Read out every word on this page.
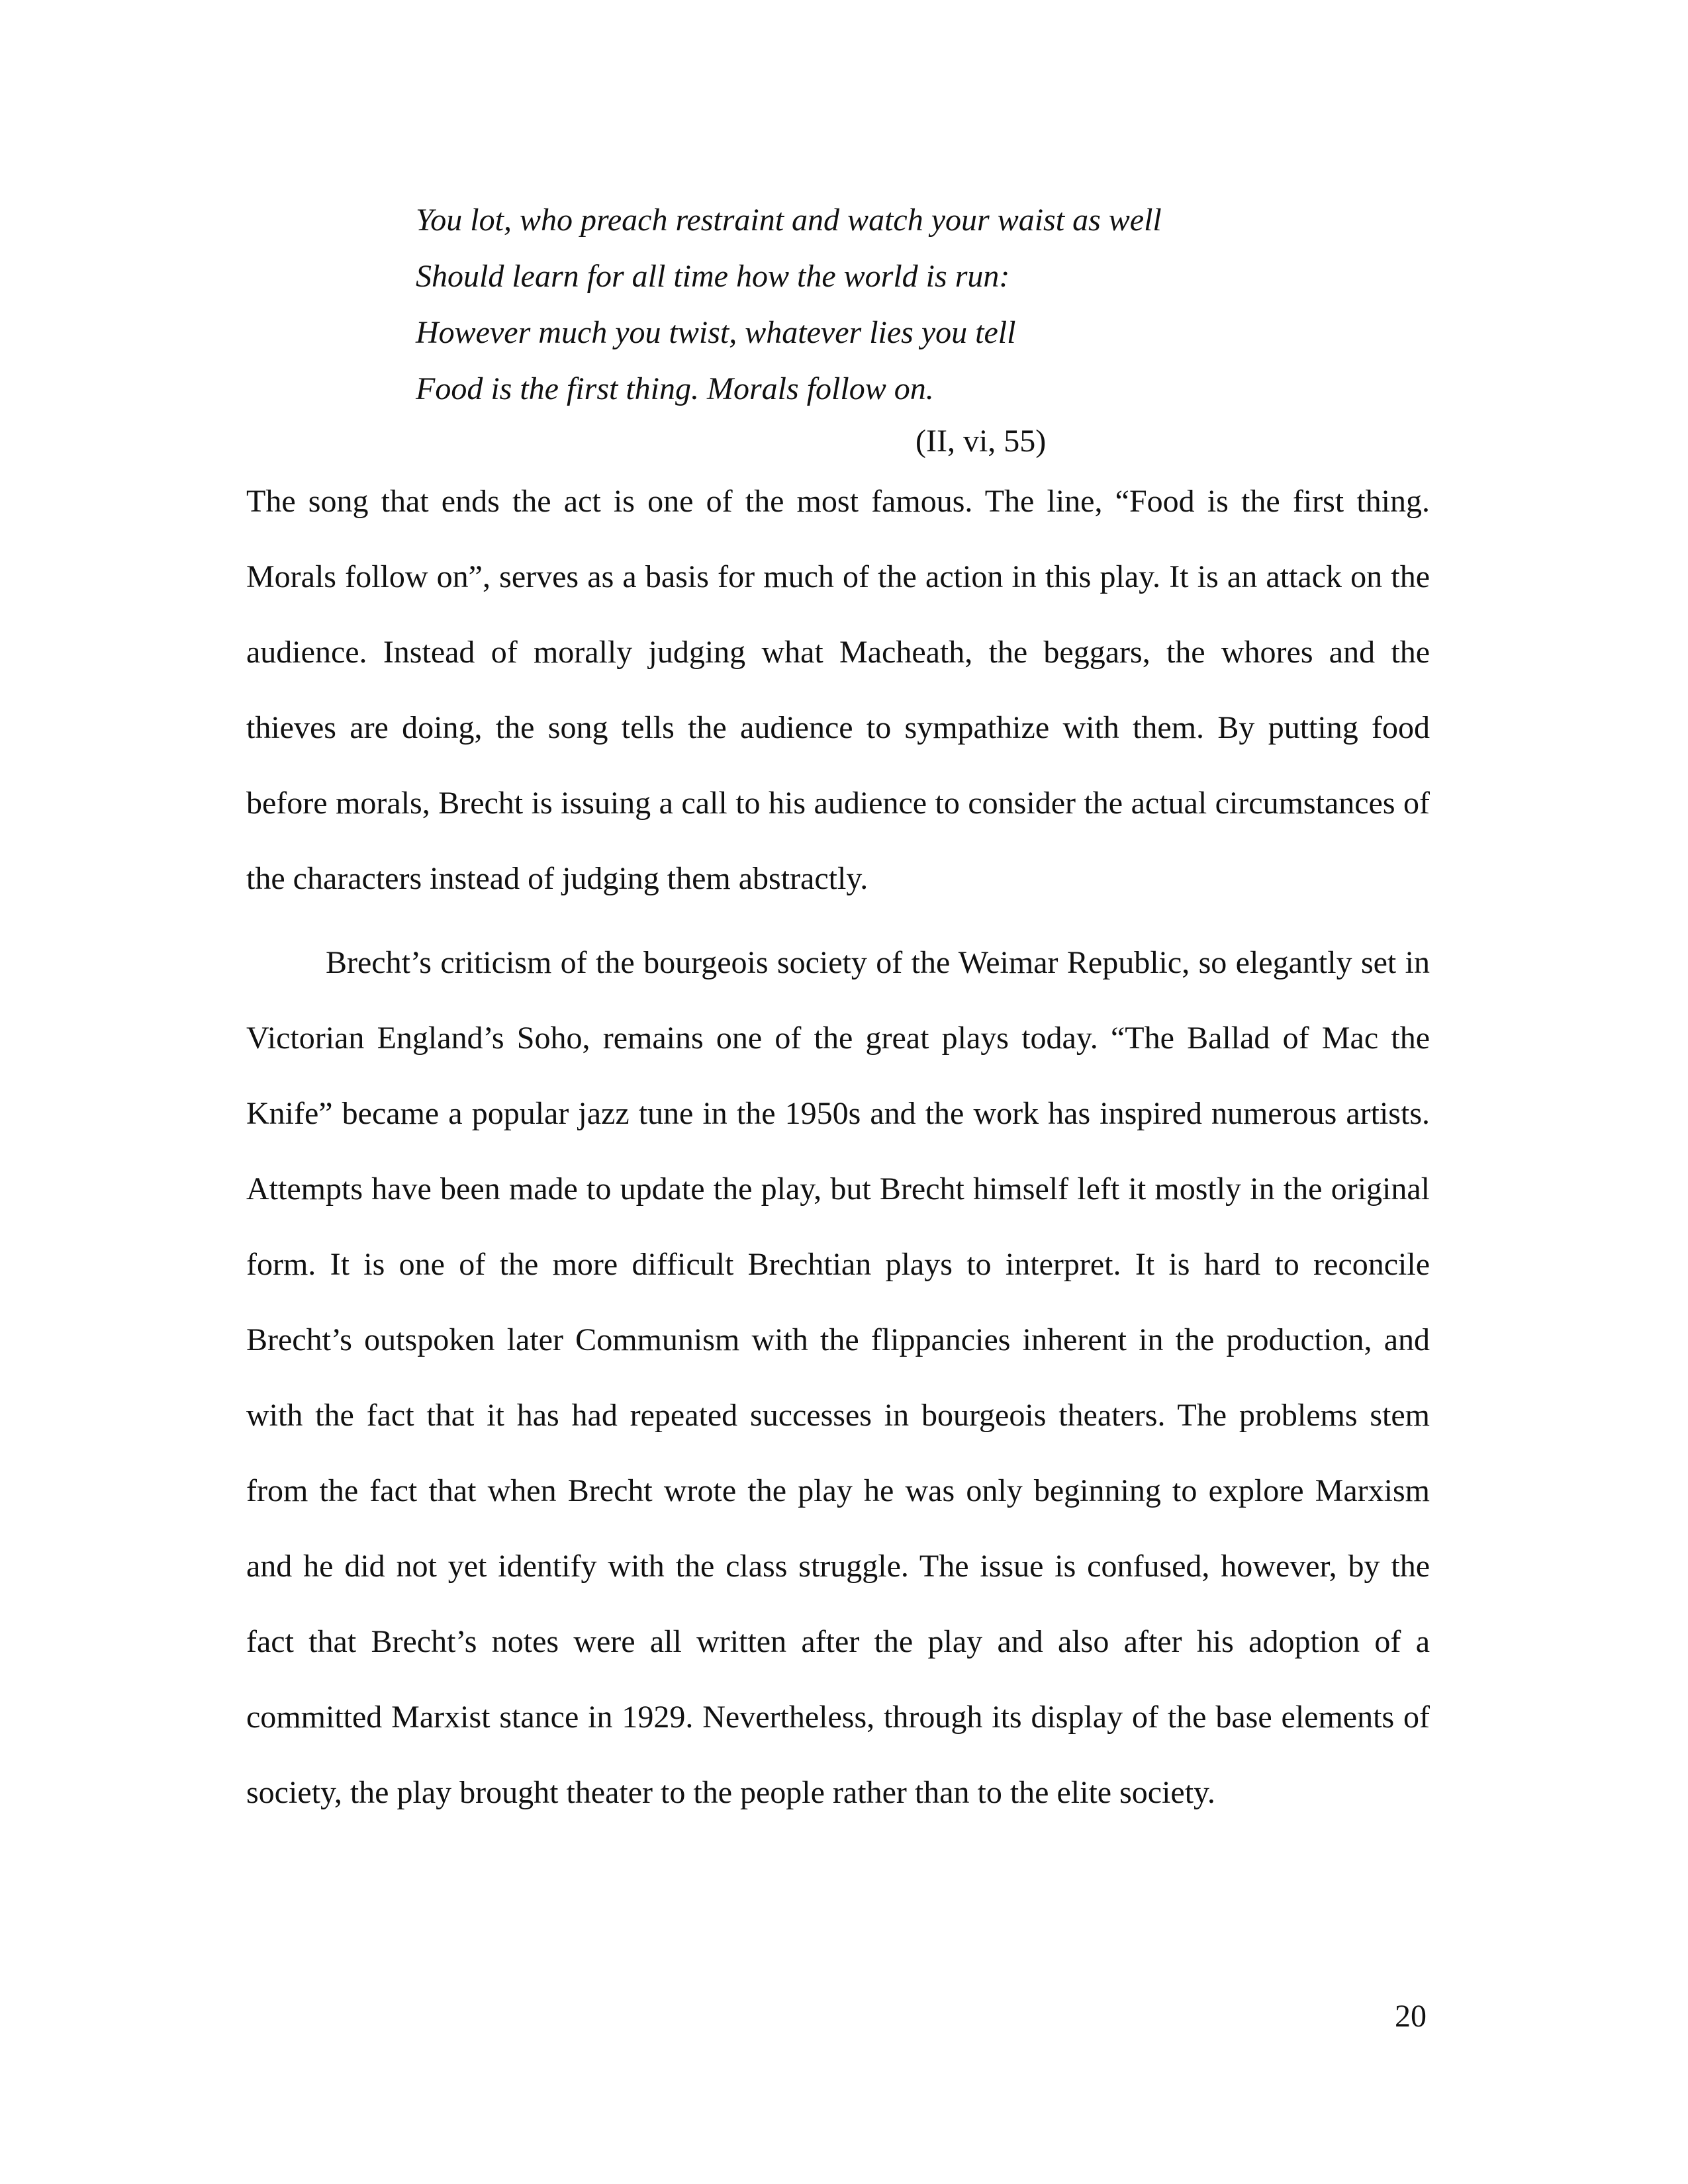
You lot, who preach restraint and watch your waist as well
Should learn for all time how the world is run:
However much you twist, whatever lies you tell
Food is the first thing. Morals follow on.
(II, vi, 55)

The song that ends the act is one of the most famous. The line, “Food is the first thing. Morals follow on”, serves as a basis for much of the action in this play. It is an attack on the audience. Instead of morally judging what Macheath, the beggars, the whores and the thieves are doing, the song tells the audience to sympathize with them. By putting food before morals, Brecht is issuing a call to his audience to consider the actual circumstances of the characters instead of judging them abstractly.

Brecht’s criticism of the bourgeois society of the Weimar Republic, so elegantly set in Victorian England’s Soho, remains one of the great plays today. “The Ballad of Mac the Knife” became a popular jazz tune in the 1950s and the work has inspired numerous artists. Attempts have been made to update the play, but Brecht himself left it mostly in the original form. It is one of the more difficult Brechtian plays to interpret. It is hard to reconcile Brecht’s outspoken later Communism with the flippancies inherent in the production, and with the fact that it has had repeated successes in bourgeois theaters. The problems stem from the fact that when Brecht wrote the play he was only beginning to explore Marxism and he did not yet identify with the class struggle. The issue is confused, however, by the fact that Brecht’s notes were all written after the play and also after his adoption of a committed Marxist stance in 1929. Nevertheless, through its display of the base elements of society, the play brought theater to the people rather than to the elite society.

20
